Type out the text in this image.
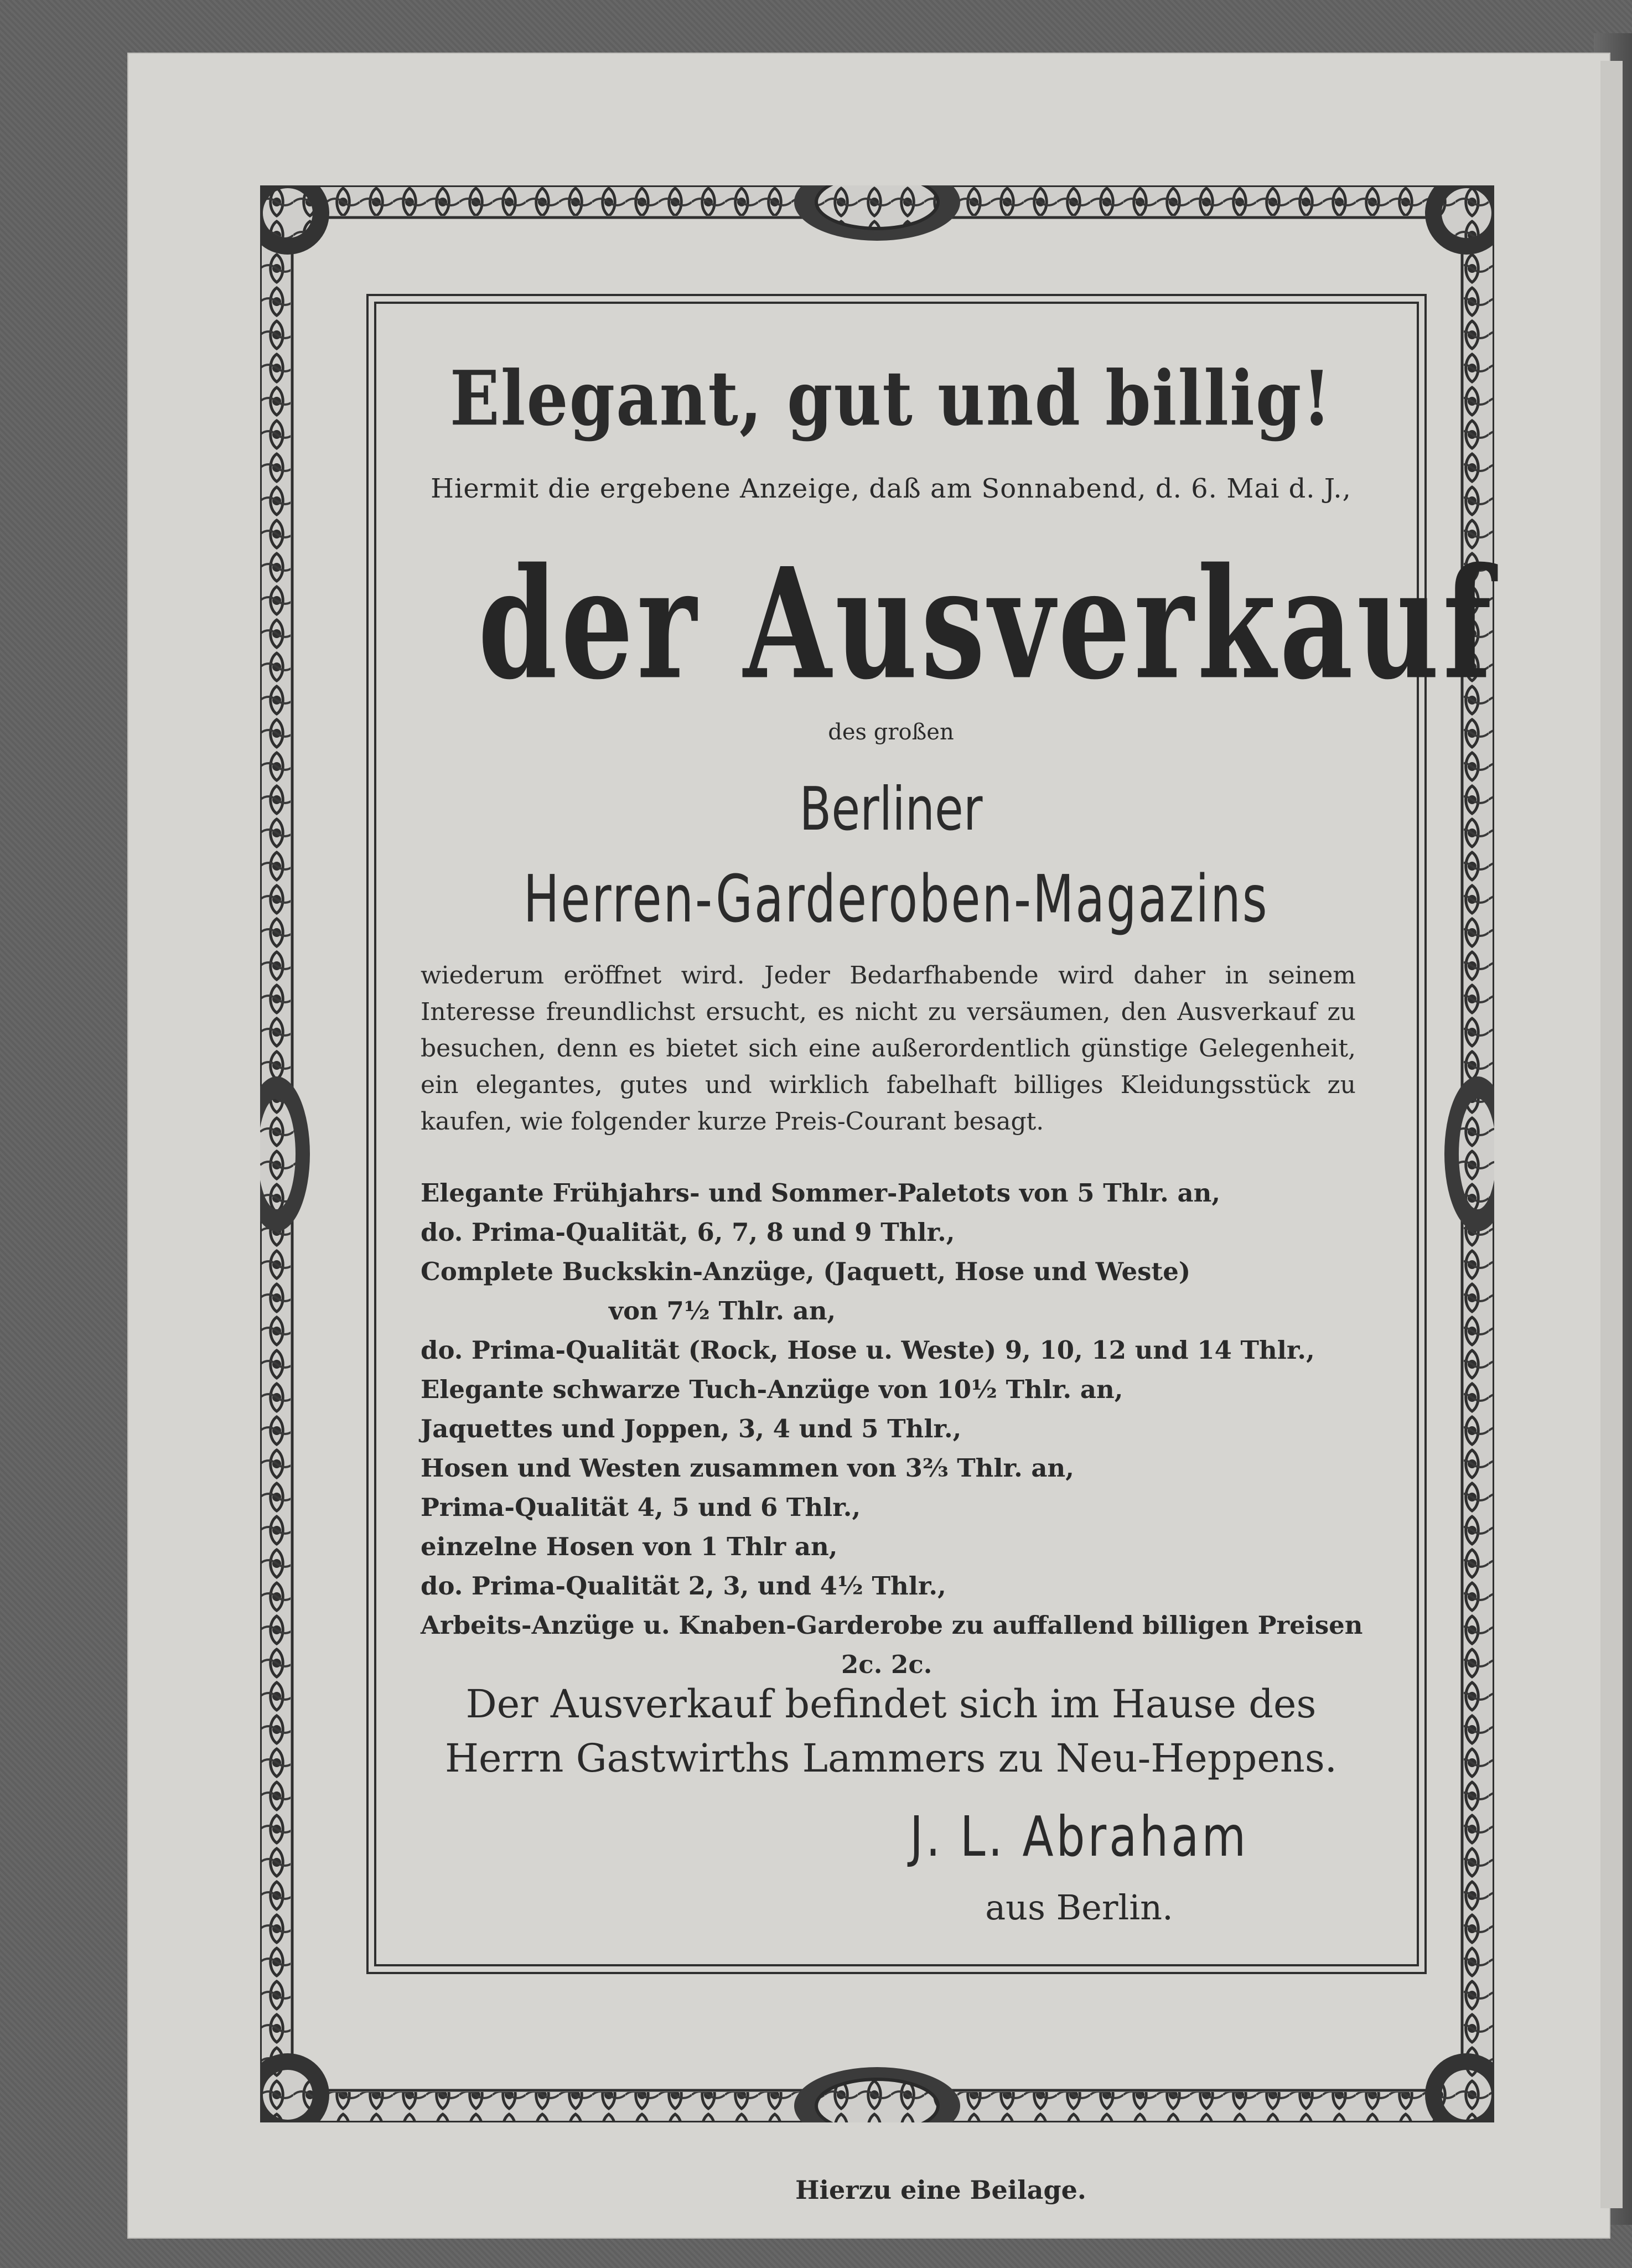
Elegant, gut und billig!
Hiermit die ergebene Anzeige, daß am Sonnabend, d. 6. Mai d. J.,
der Ausverkauf
des großen
Berliner
Herren-Garderoben-Magazins
wiederum eröffnet wird. Jeder Bedarfhabende wird daher in seinem Interesse freundlichst ersucht, es nicht zu versäumen, den Ausverkauf zu besuchen, denn es bietet sich eine außerordentlich günstige Gelegenheit, ein elegantes, gutes und wirklich fabelhaft billiges Kleidungsstück zu kaufen, wie folgender kurze Preis-Courant besagt.
Elegante Frühjahrs- und Sommer-Paletots von 5 Thlr. an,
do. Prima-Qualität, 6, 7, 8 und 9 Thlr.,
Complete Buckskin-Anzüge, (Jaquett, Hose und Weste)
von 7½ Thlr. an,
do. Prima-Qualität (Rock, Hose u. Weste) 9, 10, 12 und 14 Thlr.,
Elegante schwarze Tuch-Anzüge von 10½ Thlr. an,
Jaquettes und Joppen, 3, 4 und 5 Thlr.,
Hosen und Westen zusammen von 3⅔ Thlr. an,
Prima-Qualität 4, 5 und 6 Thlr.,
einzelne Hosen von 1 Thlr an,
do. Prima-Qualität 2, 3, und 4½ Thlr.,
Arbeits-Anzüge u. Knaben-Garderobe zu auffallend billigen Preisen
2c. 2c.
Der Ausverkauf befindet sich im Hause des
Herrn Gastwirths Lammers zu Neu-Heppens.
J. L. Abraham
aus Berlin.
Hierzu eine Beilage.
